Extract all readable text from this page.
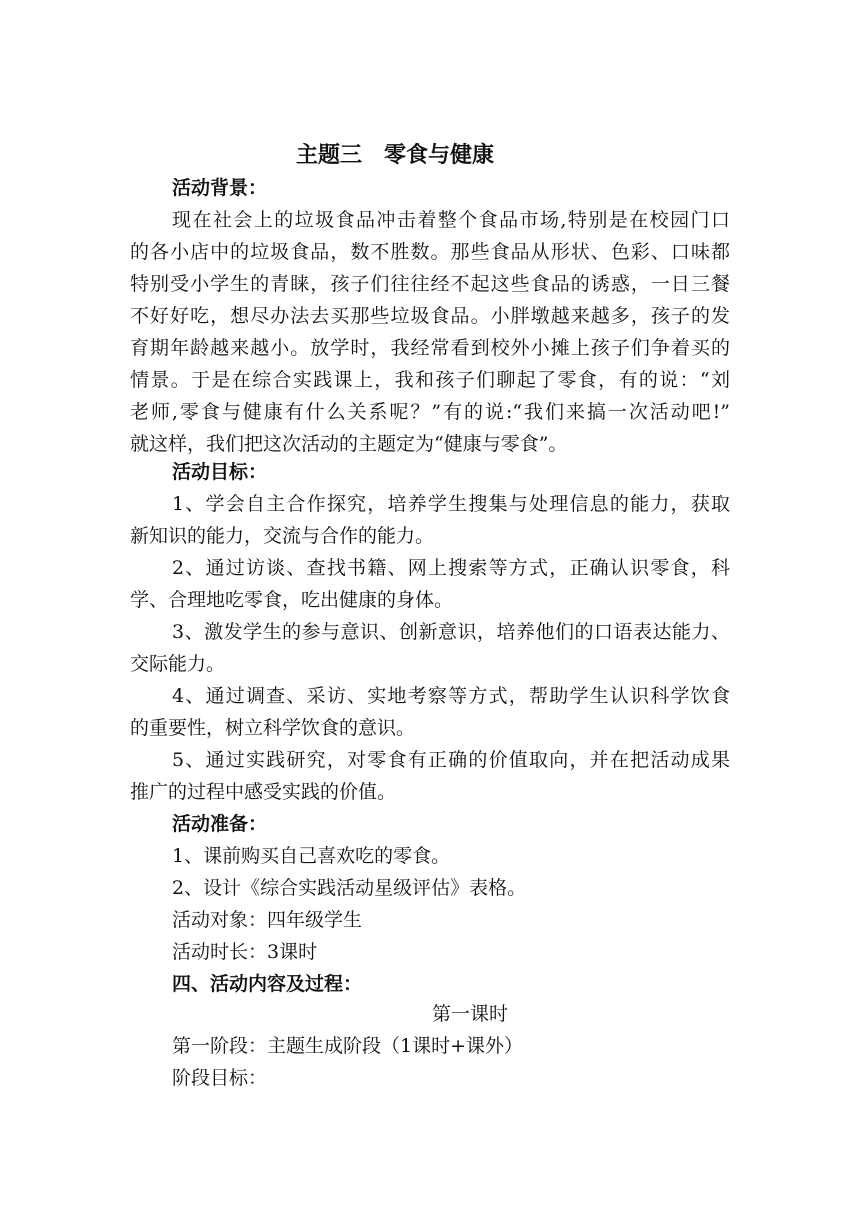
主题三　零食与健康
活动背景：
现在社会上的垃圾食品冲击着整个食品市场,特别是在校园门口
的各小店中的垃圾食品，数不胜数。那些食品从形状、色彩、口味都
特别受小学生的青睐，孩子们往往经不起这些食品的诱惑，一日三餐
不好好吃，想尽办法去买那些垃圾食品。小胖墩越来越多，孩子的发
育期年龄越来越小。放学时，我经常看到校外小摊上孩子们争着买的
情景。于是在综合实践课上，我和孩子们聊起了零食，有的说：“刘
老师,零食与健康有什么关系呢？”有的说:“我们来搞一次活动吧!”
就这样，我们把这次活动的主题定为“健康与零食”。
活动目标：
1、学会自主合作探究，培养学生搜集与处理信息的能力，获取
新知识的能力，交流与合作的能力。
2、通过访谈、查找书籍、网上搜索等方式，正确认识零食，科
学、合理地吃零食，吃出健康的身体。
3、激发学生的参与意识、创新意识，培养他们的口语表达能力、
交际能力。
4、通过调查、采访、实地考察等方式，帮助学生认识科学饮食
的重要性，树立科学饮食的意识。
5、通过实践研究，对零食有正确的价值取向，并在把活动成果
推广的过程中感受实践的价值。
活动准备：
1、课前购买自己喜欢吃的零食。
2、设计《综合实践活动星级评估》表格。
活动对象：四年级学生
活动时长：3课时
四、活动内容及过程：
第一课时
第一阶段：主题生成阶段（1课时+课外）
阶段目标：
